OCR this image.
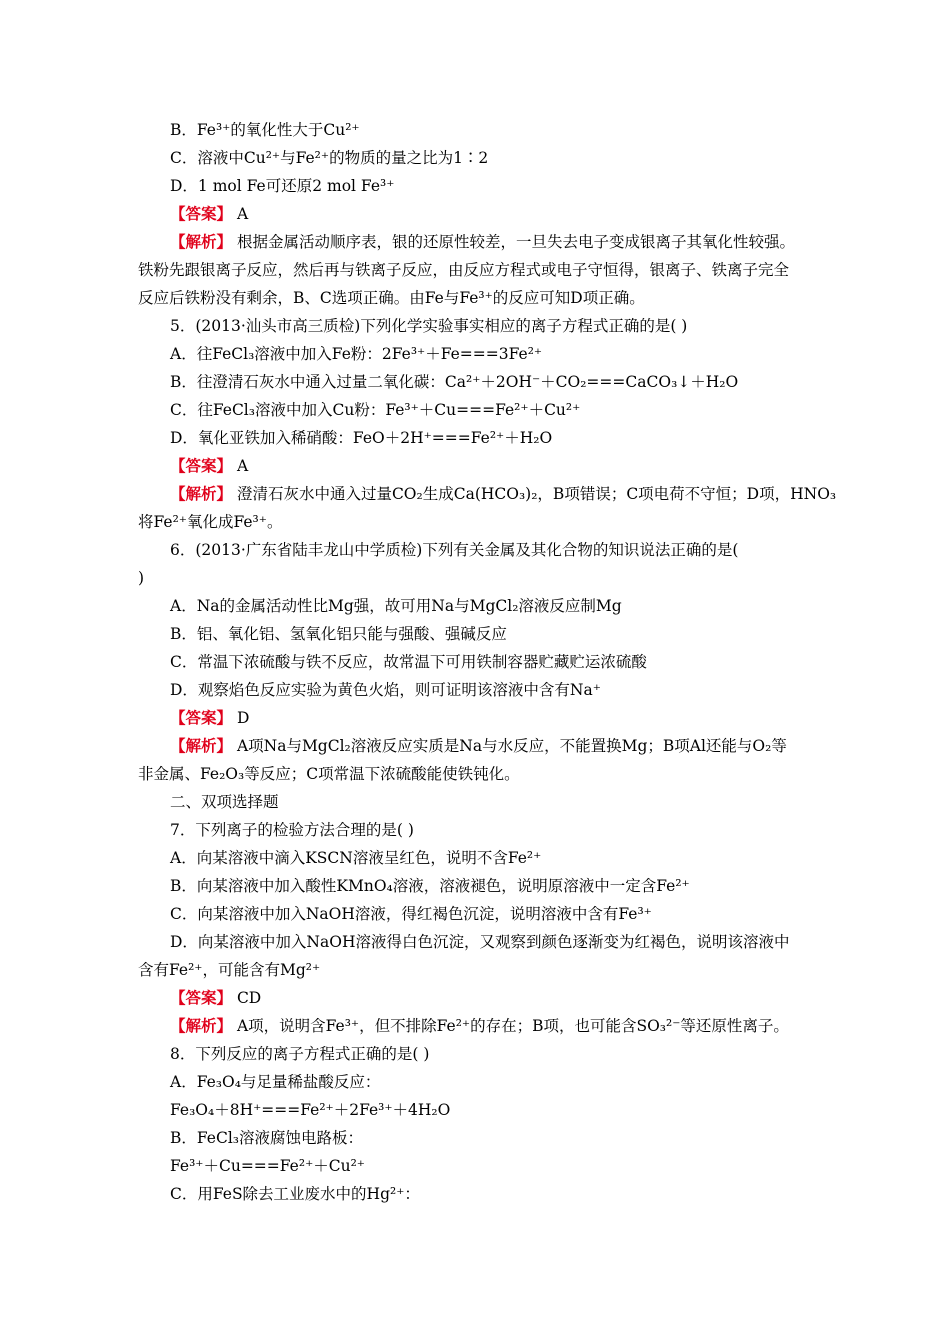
B．Fe³⁺的氧化性大于Cu²⁺
C．溶液中Cu²⁺与Fe²⁺的物质的量之比为1∶2
D．1 mol Fe可还原2 mol Fe³⁺
【答案】 A
【解析】 根据金属活动顺序表，银的还原性较差，一旦失去电子变成银离子其氧化性较强。
铁粉先跟银离子反应，然后再与铁离子反应，由反应方程式或电子守恒得，银离子、铁离子完全
反应后铁粉没有剩余，B、C选项正确。由Fe与Fe³⁺的反应可知D项正确。
5．(2013·汕头市高三质检)下列化学实验事实相应的离子方程式正确的是( )
A．往FeCl₃溶液中加入Fe粉：2Fe³⁺＋Fe===3Fe²⁺
B．往澄清石灰水中通入过量二氧化碳：Ca²⁺＋2OH⁻＋CO₂===CaCO₃↓＋H₂O
C．往FeCl₃溶液中加入Cu粉：Fe³⁺＋Cu===Fe²⁺＋Cu²⁺
D．氧化亚铁加入稀硝酸：FeO＋2H⁺===Fe²⁺＋H₂O
【答案】 A
【解析】 澄清石灰水中通入过量CO₂生成Ca(HCO₃)₂，B项错误；C项电荷不守恒；D项，HNO₃
将Fe²⁺氧化成Fe³⁺。
6．(2013·广东省陆丰龙山中学质检)下列有关金属及其化合物的知识说法正确的是(
)
A．Na的金属活动性比Mg强，故可用Na与MgCl₂溶液反应制Mg
B．铝、氧化铝、氢氧化铝只能与强酸、强碱反应
C．常温下浓硫酸与铁不反应，故常温下可用铁制容器贮藏贮运浓硫酸
D．观察焰色反应实验为黄色火焰，则可证明该溶液中含有Na⁺
【答案】 D
【解析】 A项Na与MgCl₂溶液反应实质是Na与水反应，不能置换Mg；B项Al还能与O₂等
非金属、Fe₂O₃等反应；C项常温下浓硫酸能使铁钝化。
二、双项选择题
7．下列离子的检验方法合理的是( )
A．向某溶液中滴入KSCN溶液呈红色，说明不含Fe²⁺
B．向某溶液中加入酸性KMnO₄溶液，溶液褪色，说明原溶液中一定含Fe²⁺
C．向某溶液中加入NaOH溶液，得红褐色沉淀，说明溶液中含有Fe³⁺
D．向某溶液中加入NaOH溶液得白色沉淀，又观察到颜色逐渐变为红褐色，说明该溶液中
含有Fe²⁺，可能含有Mg²⁺
【答案】 CD
【解析】 A项，说明含Fe³⁺，但不排除Fe²⁺的存在；B项，也可能含SO₃²⁻等还原性离子。
8．下列反应的离子方程式正确的是( )
A．Fe₃O₄与足量稀盐酸反应：
Fe₃O₄＋8H⁺===Fe²⁺＋2Fe³⁺＋4H₂O
B．FeCl₃溶液腐蚀电路板：
Fe³⁺＋Cu===Fe²⁺＋Cu²⁺
C．用FeS除去工业废水中的Hg²⁺：
